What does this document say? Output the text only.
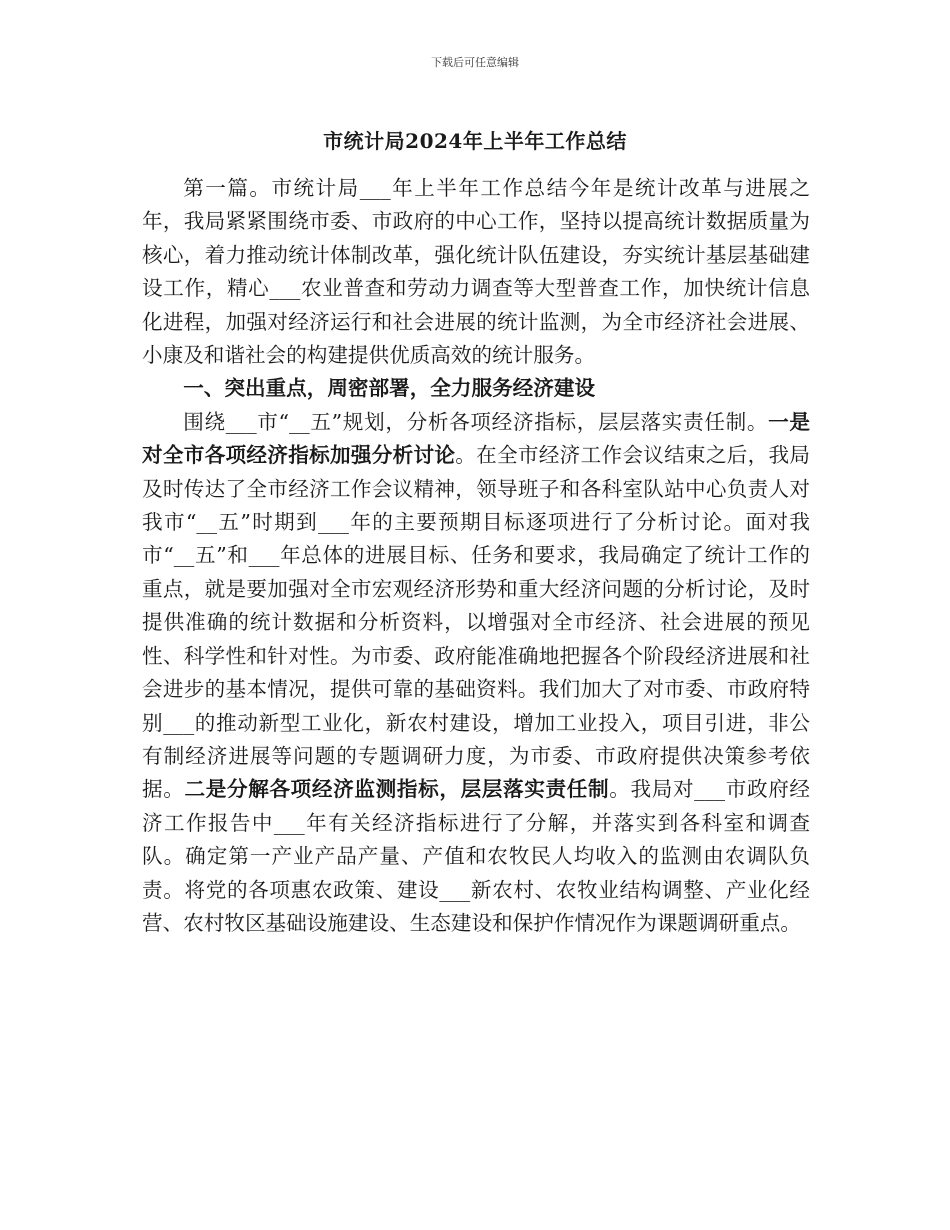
下载后可任意编辑
市统计局2024年上半年工作总结

第一篇。市统计局___年上半年工作总结今年是统计改革与进展之年，我局紧紧围绕市委、市政府的中心工作，坚持以提高统计数据质量为核心，着力推动统计体制改革，强化统计队伍建设，夯实统计基层基础建设工作，精心___农业普查和劳动力调查等大型普查工作，加快统计信息化进程，加强对经济运行和社会进展的统计监测，为全市经济社会进展、小康及和谐社会的构建提供优质高效的统计服务。

一、突出重点，周密部署，全力服务经济建设

围绕___市“__五”规划，分析各项经济指标，层层落实责任制。一是对全市各项经济指标加强分析讨论。在全市经济工作会议结束之后，我局及时传达了全市经济工作会议精神，领导班子和各科室队站中心负责人对我市“__五”时期到___年的主要预期目标逐项进行了分析讨论。面对我市“__五”和___年总体的进展目标、任务和要求，我局确定了统计工作的重点，就是要加强对全市宏观经济形势和重大经济问题的分析讨论，及时提供准确的统计数据和分析资料，以增强对全市经济、社会进展的预见性、科学性和针对性。为市委、政府能准确地把握各个阶段经济进展和社会进步的基本情况，提供可靠的基础资料。我们加大了对市委、市政府特别___的推动新型工业化，新农村建设，增加工业投入，项目引进，非公有制经济进展等问题的专题调研力度，为市委、市政府提供决策参考依据。二是分解各项经济监测指标，层层落实责任制。我局对___市政府经济工作报告中___年有关经济指标进行了分解，并落实到各科室和调查队。确定第一产业产品产量、产值和农牧民人均收入的监测由农调队负责。将党的各项惠农政策、建设___新农村、农牧业结构调整、产业化经营、农村牧区基础设施建设、生态建设和保护作情况作为课题调研重点。
